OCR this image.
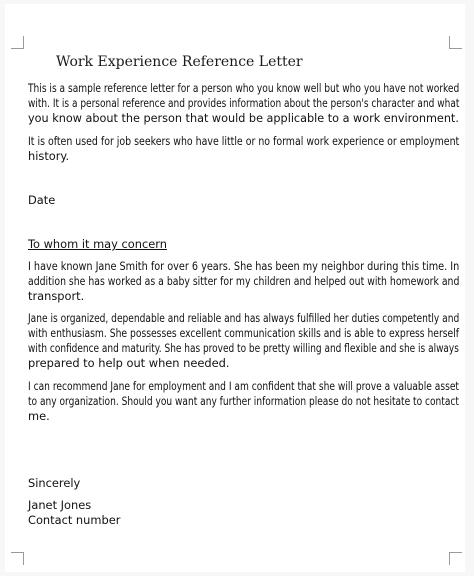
Work Experience Reference Letter

This is a sample reference letter for a person who you know well but who you have not worked

with. It is a personal reference and provides information about the person's character and what

you know about the person that would be applicable to a work environment.

It is often used for job seekers who have little or no formal work experience or employment

history.

Date

To whom it may concern

I have known Jane Smith for over 6 years. She has been my neighbor during this time. In

addition she has worked as a baby sitter for my children and helped out with homework and

transport.

Jane is organized, dependable and reliable and has always fulfilled her duties competently and

with enthusiasm. She possesses excellent communication skills and is able to express herself

with confidence and maturity. She has proved to be pretty willing and flexible and she is always

prepared to help out when needed.

I can recommend Jane for employment and I am confident that she will prove a valuable asset

to any organization. Should you want any further information please do not hesitate to contact

me.

Sincerely

Janet Jones

Contact number
